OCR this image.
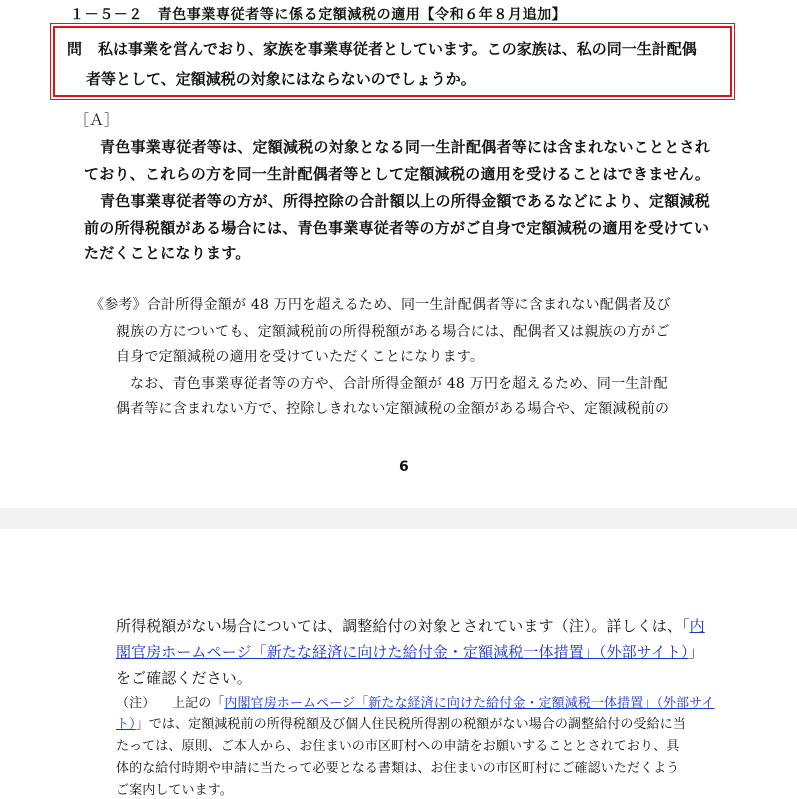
１－５－２　青色事業専従者等に係る定額減税の適用【令和６年８月追加】
問 私は事業を営んでおり、家族を事業専従者としています。この家族は、私の同一生計配偶
者等として、定額減税の対象にはならないのでしょうか。
［Ａ］
青色事業専従者等は、定額減税の対象となる同一生計配偶者等には含まれないこととされ
ており、これらの方を同一生計配偶者等として定額減税の適用を受けることはできません。
青色事業専従者等の方が、所得控除の合計額以上の所得金額であるなどにより、定額減税
前の所得税額がある場合には、青色事業専従者等の方がご自身で定額減税の適用を受けてい
ただくことになります。
《参考》合計所得金額が 48 万円を超えるため、同一生計配偶者等に含まれない配偶者及び
親族の方についても、定額減税前の所得税額がある場合には、配偶者又は親族の方がご
自身で定額減税の適用を受けていただくことになります。
なお、青色事業専従者等の方や、合計所得金額が 48 万円を超えるため、同一生計配
偶者等に含まれない方で、控除しきれない定額減税の金額がある場合や、定額減税前の
6
所得税額がない場合については、調整給付の対象とされています（注）。詳しくは、「内
閣官房ホームページ「新たな経済に向けた給付金・定額減税一体措置」（外部サイト）」
をご確認ください。
（注） 上記の「内閣官房ホームページ「新たな経済に向けた給付金・定額減税一体措置」（外部サイ
ト）」では、定額減税前の所得税額及び個人住民税所得割の税額がない場合の調整給付の受給に当
たっては、原則、ご本人から、お住まいの市区町村への申請をお願いすることとされており、具
体的な給付時期や申請に当たって必要となる書類は、お住まいの市区町村にご確認いただくよう
ご案内しています。
